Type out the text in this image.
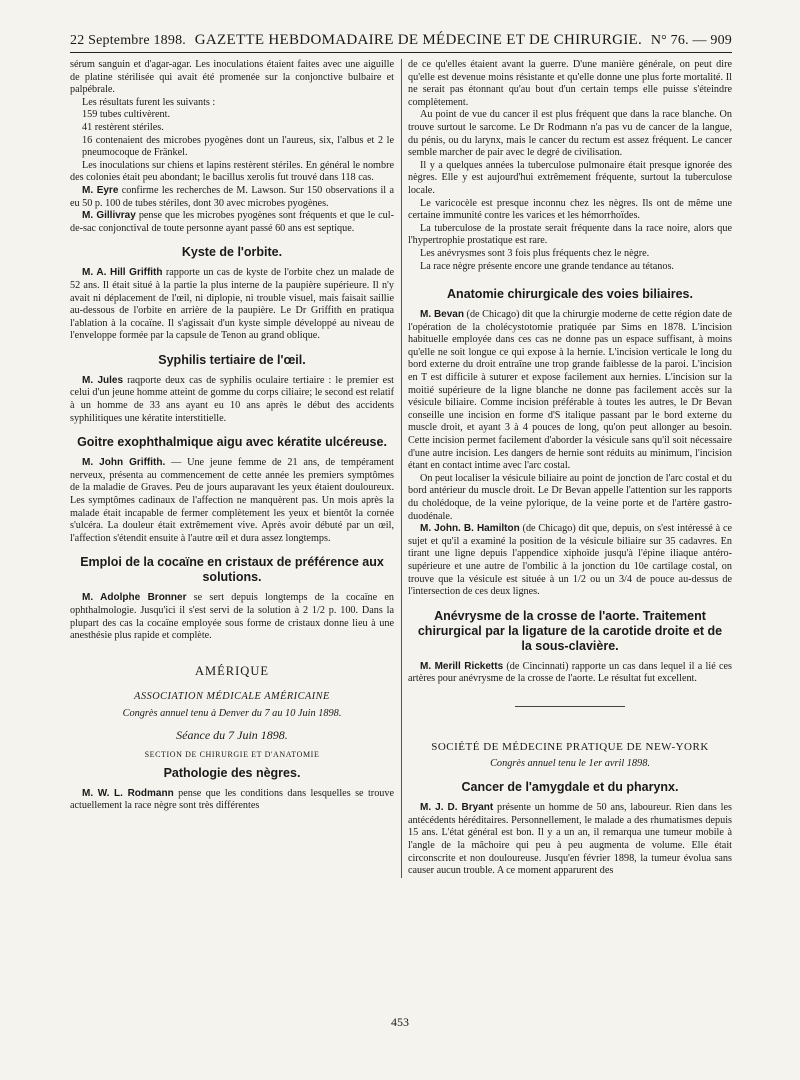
22 Septembre 1898. GAZETTE HEBDOMADAIRE DE MÉDECINE ET DE CHIRURGIE. N° 76. — 909

sérum sanguin et d'agar-agar. Les inoculations étaient faites avec une aiguille de platine stérilisée qui avait été promenée sur la conjonctive bulbaire et palpébrale.

Les résultats furent les suivants :

159 tubes cultivèrent.

41 restèrent stériles.

16 contenaient des microbes pyogènes dont un l'aureus, six, l'albus et 2 le pneumocoque de Fränkel.

Les inoculations sur chiens et lapins restèrent stériles. En général le nombre des colonies était peu abondant; le bacillus xerolis fut trouvé dans 118 cas.

M. Eyre confirme les recherches de M. Lawson. Sur 150 observations il a eu 50 p. 100 de tubes stériles, dont 30 avec microbes pyogènes.

M. Gillivray pense que les microbes pyogènes sont fréquents et que le cul-de-sac conjonctival de toute personne ayant passé 60 ans est septique.

Kyste de l'orbite.

M. A. Hill Griffith rapporte un cas de kyste de l'orbite chez un malade de 52 ans. Il était situé à la partie la plus interne de la paupière supérieure. Il n'y avait ni déplacement de l'œil, ni diplopie, ni trouble visuel, mais faisait saillie au-dessous de l'orbite en arrière de la paupière. Le Dr Griffith en pratiqua l'ablation à la cocaïne. Il s'agissait d'un kyste simple développé au niveau de l'enveloppe formée par la capsule de Tenon au grand oblique.

Syphilis tertiaire de l'œil.

M. Jules raqporte deux cas de syphilis oculaire tertiaire : le premier est celui d'un jeune homme atteint de gomme du corps ciliaire; le second est relatif à un homme de 33 ans ayant eu 10 ans après le début des accidents syphilitiques une kératite interstitielle.

Goitre exophthalmique aigu avec kératite ulcéreuse.

M. John Griffith. — Une jeune femme de 21 ans, de tempérament nerveux, présenta au commencement de cette année les premiers symptômes de la maladie de Graves. Peu de jours auparavant les yeux étaient douloureux. Les symptômes cadinaux de l'affection ne manquèrent pas. Un mois après la malade était incapable de fermer complètement les yeux et bientôt la cornée s'ulcéra. La douleur était extrêmement vive. Après avoir débuté par un œil, l'affection s'étendit ensuite à l'autre œil et dura assez longtemps.

Emploi de la cocaïne en cristaux de préférence aux solutions.

M. Adolphe Bronner se sert depuis longtemps de la cocaïne en ophthalmologie. Jusqu'ici il s'est servi de la solution à 2 1/2 p. 100. Dans la plupart des cas la cocaïne employée sous forme de cristaux donne lieu à une anesthésie plus rapide et complète.

AMÉRIQUE
ASSOCIATION MÉDICALE AMÉRICAINE
Congrès annuel tenu à Denver du 7 au 10 Juin 1898.
Séance du 7 Juin 1898.
SECTION DE CHIRURGIE ET D'ANATOMIE
Pathologie des nègres.

M. W. L. Rodmann pense que les conditions dans lesquelles se trouve actuellement la race nègre sont très différentes

de ce qu'elles étaient avant la guerre. D'une manière générale, on peut dire qu'elle est devenue moins résistante et qu'elle donne une plus forte mortalité. Il ne serait pas étonnant qu'au bout d'un certain temps elle puisse s'éteindre complètement.

Au point de vue du cancer il est plus fréquent que dans la race blanche. On trouve surtout le sarcome. Le Dr Rodmann n'a pas vu de cancer de la langue, du pénis, ou du larynx, mais le cancer du rectum est assez fréquent. Le cancer semble marcher de pair avec le degré de civilisation.

Il y a quelques années la tuberculose pulmonaire était presque ignorée des nègres. Elle y est aujourd'hui extrêmement fréquente, surtout la tuberculose locale.

Le varicocèle est presque inconnu chez les nègres. Ils ont de même une certaine immunité contre les varices et les hémorrhoïdes.

La tuberculose de la prostate serait fréquente dans la race noire, alors que l'hypertrophie prostatique est rare.

Les anévrysmes sont 3 fois plus fréquents chez le nègre.

La race nègre présente encore une grande tendance au tétanos.

Anatomie chirurgicale des voies biliaires.

M. Bevan (de Chicago) dit que la chirurgie moderne de cette région date de l'opération de la cholécystotomie pratiquée par Sims en 1878. L'incision habituelle employée dans ces cas ne donne pas un espace suffisant, à moins qu'elle ne soit longue ce qui expose à la hernie. L'incision verticale le long du bord externe du droit entraîne une trop grande faiblesse de la paroi. L'incision en T est difficile à suturer et expose facilement aux hernies. L'incision sur la moitié supérieure de la ligne blanche ne donne pas facilement accès sur la vésicule biliaire. Comme incision préférable à toutes les autres, le Dr Bevan conseille une incision en forme d'S italique passant par le bord externe du muscle droit, et ayant 3 à 4 pouces de long, qu'on peut allonger au besoin. Cette incision permet facilement d'aborder la vésicule sans qu'il soit nécessaire d'une autre incision. Les dangers de hernie sont réduits au minimum, l'incision étant en contact intime avec l'arc costal.

On peut localiser la vésicule biliaire au point de jonction de l'arc costal et du bord antérieur du muscle droit. Le Dr Bevan appelle l'attention sur les rapports du cholédoque, de la veine pylorique, de la veine porte et de l'artère gastro-duodénale.

M. John. B. Hamilton (de Chicago) dit que, depuis, on s'est intéressé à ce sujet et qu'il a examiné la position de la vésicule biliaire sur 35 cadavres. En tirant une ligne depuis l'appendice xiphoïde jusqu'à l'épine iliaque antéro-supérieure et une autre de l'ombilic à la jonction du 10e cartilage costal, on trouve que la vésicule est située à un 1/2 ou un 3/4 de pouce au-dessus de l'intersection de ces deux lignes.

Anévrysme de la crosse de l'aorte. Traitement chirurgical par la ligature de la carotide droite et de la sous-clavière.

M. Merill Ricketts (de Cincinnati) rapporte un cas dans lequel il a lié ces artères pour anévrysme de la crosse de l'aorte. Le résultat fut excellent.

SOCIÉTÉ DE MÉDECINE PRATIQUE DE NEW-YORK
Congrès annuel tenu le 1er avril 1898.
Cancer de l'amygdale et du pharynx.

M. J. D. Bryant présente un homme de 50 ans, laboureur. Rien dans les antécédents héréditaires. Personnellement, le malade a des rhumatismes depuis 15 ans. L'état général est bon. Il y a un an, il remarqua une tumeur mobile à l'angle de la mâchoire qui peu à peu augmenta de volume. Elle était circonscrite et non douloureuse. Jusqu'en février 1898, la tumeur évolua sans causer aucun trouble. A ce moment apparurent des

453
